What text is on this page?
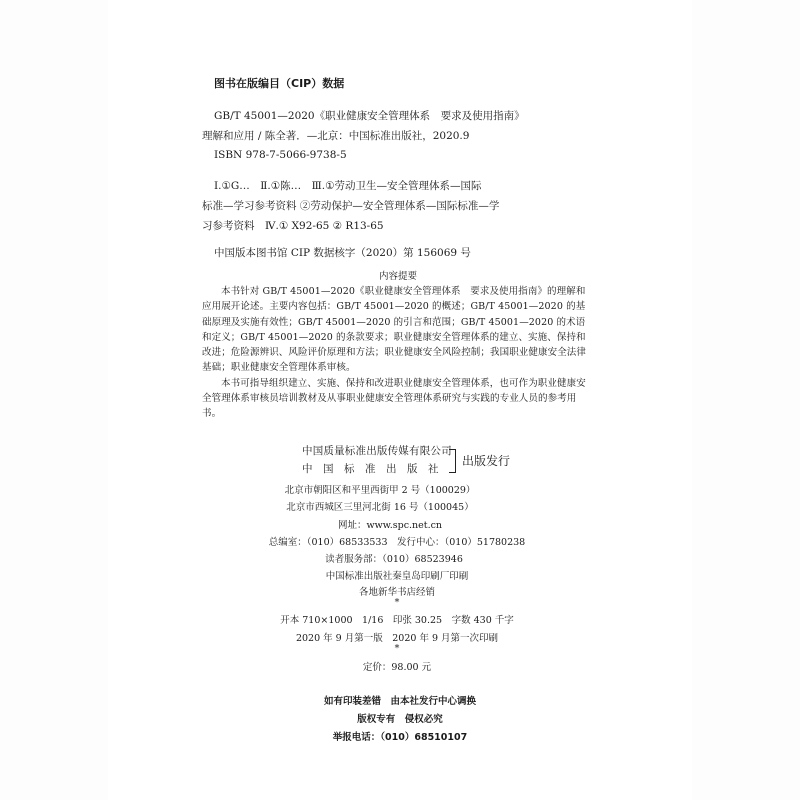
图书在版编目（CIP）数据
GB/T 45001—2020《职业健康安全管理体系　要求及使用指南》
理解和应用 / 陈全著．—北京：中国标准出版社，2020.9
ISBN 978-7-5066-9738-5
Ⅰ.①G…　Ⅱ.①陈…　Ⅲ.①劳动卫生—安全管理体系—国际
标准—学习参考资料 ②劳动保护—安全管理体系—国际标准—学
习参考资料　Ⅳ.① X92-65 ② R13-65
中国版本图书馆 CIP 数据核字（2020）第 156069 号
内容提要

本书针对 GB/T 45001—2020《职业健康安全管理体系　要求及使用指南》的理解和应用展开论述。主要内容包括：GB/T 45001—2020 的概述；GB/T 45001—2020 的基础原理及实施有效性；GB/T 45001—2020 的引言和范围；GB/T 45001—2020 的术语和定义；GB/T 45001—2020 的条款要求；职业健康安全管理体系的建立、实施、保持和改进；危险源辨识、风险评价原理和方法；职业健康安全风险控制；我国职业健康安全法律基础；职业健康安全管理体系审核。

本书可指导组织建立、实施、保持和改进职业健康安全管理体系，也可作为职业健康安全管理体系审核员培训教材及从事职业健康安全管理体系研究与实践的专业人员的参考用书。

中国质量标准出版传媒有限公司
中　国　标　准　出　版　社
出版发行
北京市朝阳区和平里西街甲 2 号（100029）
北京市西城区三里河北街 16 号（100045）
网址：www.spc.net.cn
总编室：（010）68533533　发行中心：（010）51780238
读者服务部：（010）68523946
中国标准出版社秦皇岛印刷厂印刷
各地新华书店经销
*
开本 710×1000　1/16　印张 30.25　字数 430 千字
2020 年 9 月第一版　2020 年 9 月第一次印刷
*
定价：98.00 元
如有印装差错　由本社发行中心调换
版权专有　侵权必究
举报电话：（010）68510107
